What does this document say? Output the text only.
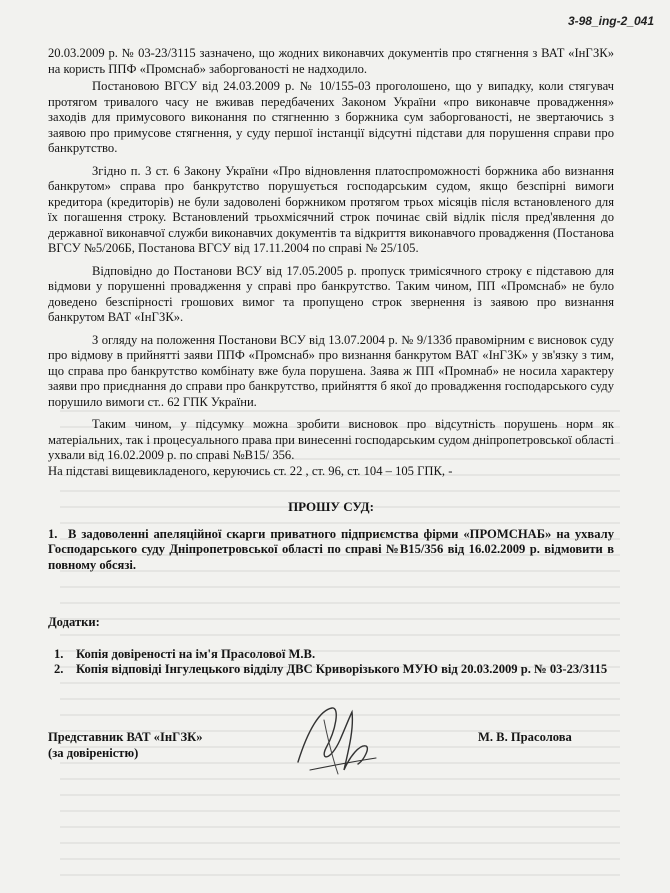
3-98_ing-2_041

20.03.2009 р. № 03-23/3115 зазначено, що жодних виконавчих документів про стягнення з ВАТ «ІнГЗК» на користь ППФ «Промснаб» заборгованості не надходило.

Постановою ВГСУ від 24.03.2009 р. № 10/155-03 проголошено, що у випадку, коли стягувач протягом тривалого часу не вживав передбачених Законом України «про виконавче провадження» заходів для примусового виконання по стягненню з боржника сум заборгованості, не звертаючись з заявою про примусове стягнення, у суду першої інстанції відсутні підстави для порушення справи про банкрутство.

Згідно п. 3 ст. 6 Закону України «Про відновлення платоспроможності боржника або визнання банкрутом» справа про банкрутство порушується господарським судом, якщо безспірні вимоги кредитора (кредиторів) не були задоволені боржником протягом трьох місяців після встановленого для їх погашення строку. Встановлений трьохмісячний строк починає свій відлік після пред'явлення до державної виконавчої служби виконавчих документів та відкриття виконавчого провадження (Постанова ВГСУ №5/206Б, Постанова ВГСУ від 17.11.2004 по справі № 25/105.

Відповідно до Постанови ВСУ від 17.05.2005 р. пропуск тримісячного строку є підставою для відмови у порушенні провадження у справі про банкрутство. Таким чином, ПП «Промснаб» не було доведено безспірності грошових вимог та пропущено строк звернення із заявою про визнання банкрутом ВАТ «ІнГЗК».

З огляду на положення Постанови ВСУ від 13.07.2004 р. № 9/133б правомірним є висновок суду про відмову в прийнятті заяви ППФ «Промснаб» про визнання банкрутом ВАТ «ІнГЗК» у зв'язку з тим, що справа про банкрутство комбінату вже була порушена. Заява ж ПП «Промнаб» не носила характеру заяви про приєднання до справи про банкрутство, прийняття б якої до провадження господарського суду порушило вимоги ст.. 62 ГПК України.

Таким чином, у підсумку можна зробити висновок про відсутність порушень норм як матеріальних, так і процесуального права при винесенні господарським судом дніпропетровської області ухвали від 16.02.2009 р. по справі №В15/ 356.

На підставі вищевикладеного, керуючись ст. 22 , ст. 96, ст. 104 – 105 ГПК, -

ПРОШУ СУД:

1. В задоволенні апеляційної скарги приватного підприємства фірми «ПРОМСНАБ» на ухвалу Господарського суду Дніпропетровської області по справі №В15/356 від 16.02.2009 р. відмовити в повному обсязі.

Додатки:

1. Копія довіреності на ім'я Прасолової М.В.
2. Копія відповіді Інгулецького відділу ДВС Криворізького МУЮ від 20.03.2009 р. № 03-23/3115
Представник ВАТ «ІнГЗК»
(за довіреністю)
М. В. Прасолова
